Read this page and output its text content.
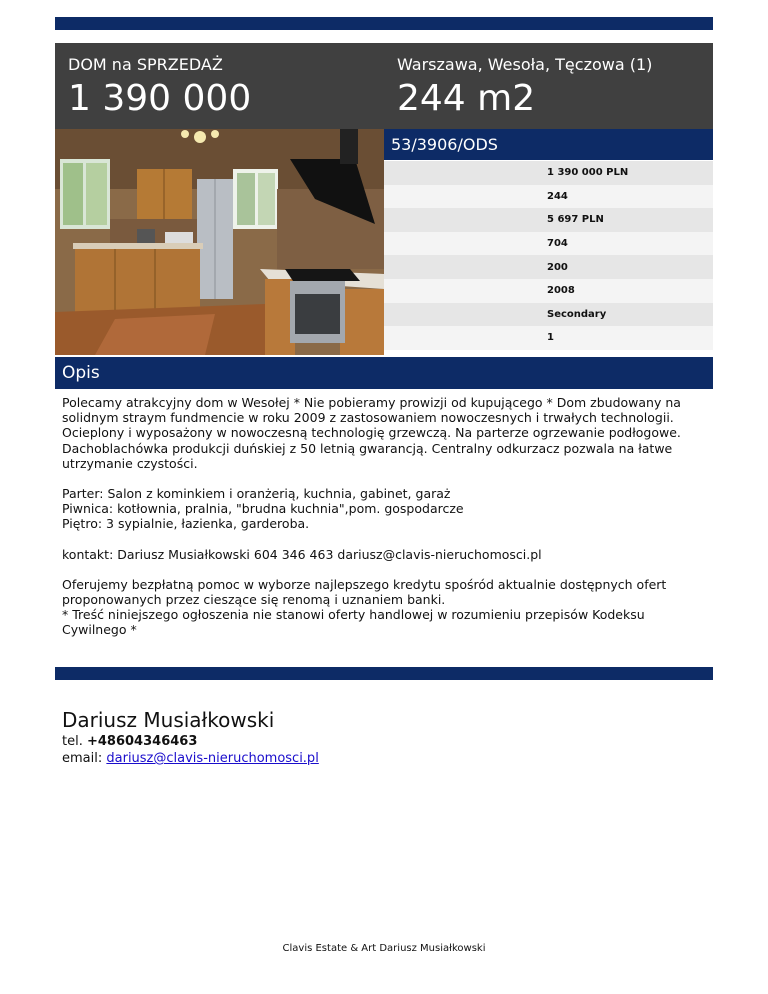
DOM na SPRZEDAŻ
1 390 000
Warszawa, Wesoła, Tęczowa (1)
244 m2
53/3906/ODS
1 390 000 PLN
244
5 697 PLN
704
200
2008
Secondary
1
Opis

Polecamy atrakcyjny dom w Wesołej * Nie pobieramy prowizji od kupującego * Dom zbudowany na
solidnym straym fundmencie w roku 2009 z zastosowaniem nowoczesnych i trwałych technologii.
Ocieplony i wyposażony w nowoczesną technologię grzewczą. Na parterze ogrzewanie podłogowe.
Dachoblachówka produkcji duńskiej z 50 letnią gwarancją. Centralny odkurzacz pozwala na łatwe
utrzymanie czystości.

Parter: Salon z kominkiem i oranżerią, kuchnia, gabinet, garaż
Piwnica: kotłownia, pralnia, "brudna kuchnia",pom. gospodarcze
Piętro: 3 sypialnie, łazienka, garderoba.

kontakt: Dariusz Musiałkowski 604 346 463 dariusz@clavis-nieruchomosci.pl

Oferujemy bezpłatną pomoc w wyborze najlepszego kredytu spośród aktualnie dostępnych ofert
proponowanych przez cieszące się renomą i uznaniem banki.
* Treść niniejszego ogłoszenia nie stanowi oferty handlowej w rozumieniu przepisów Kodeksu
Cywilnego *

Dariusz Musiałkowski
tel. +48604346463
email: dariusz@clavis-nieruchomosci.pl
Clavis Estate & Art Dariusz Musiałkowski
